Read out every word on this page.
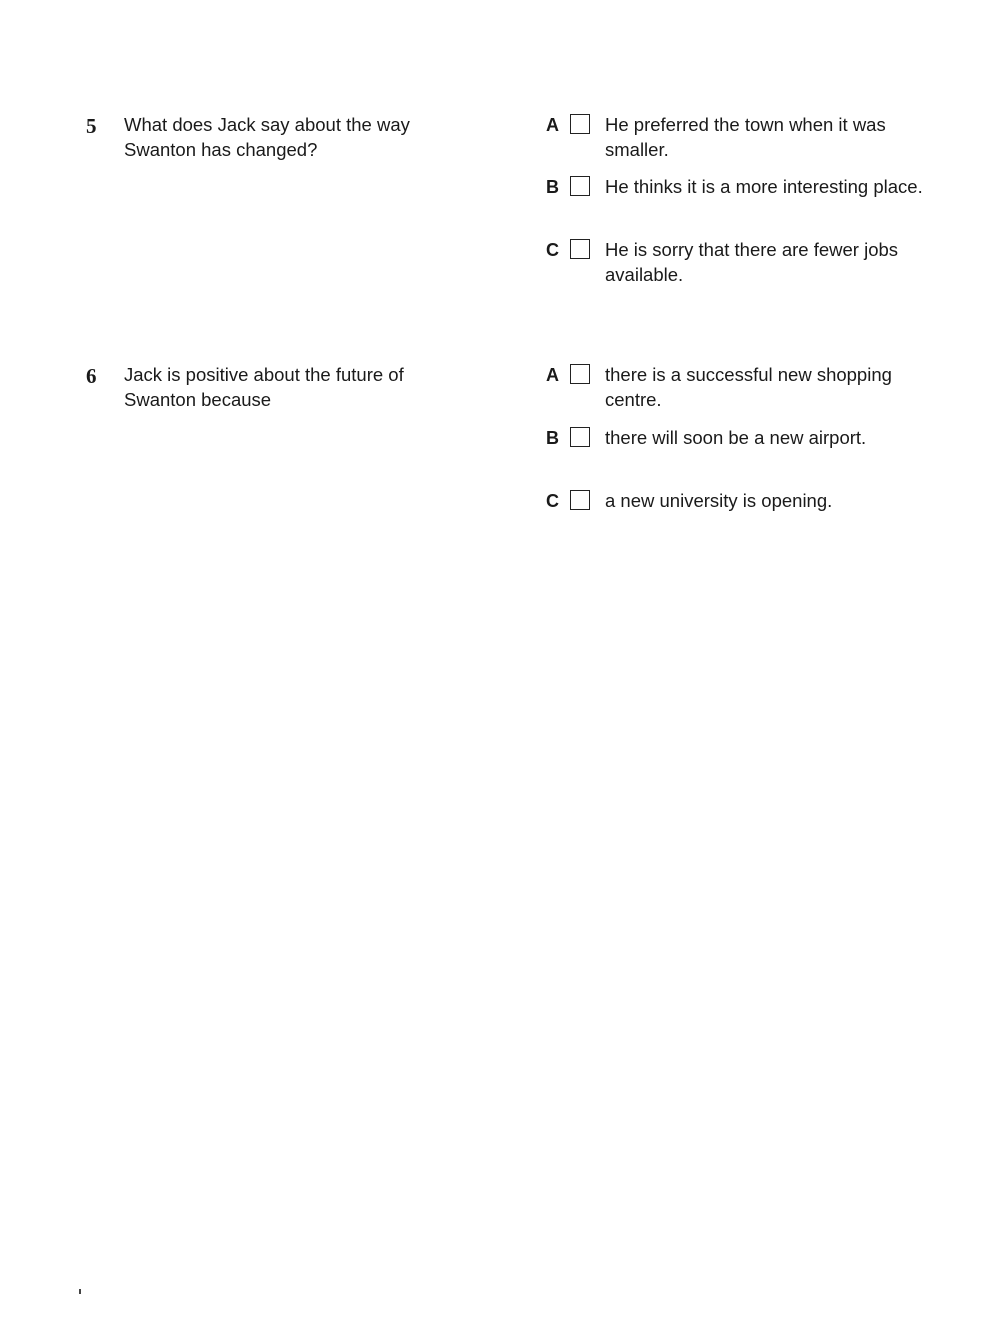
5 What does Jack say about the way Swanton has changed?
A He preferred the town when it was smaller.
B He thinks it is a more interesting place.
C He is sorry that there are fewer jobs available.
6 Jack is positive about the future of Swanton because
A there is a successful new shopping centre.
B there will soon be a new airport.
C a new university is opening.
